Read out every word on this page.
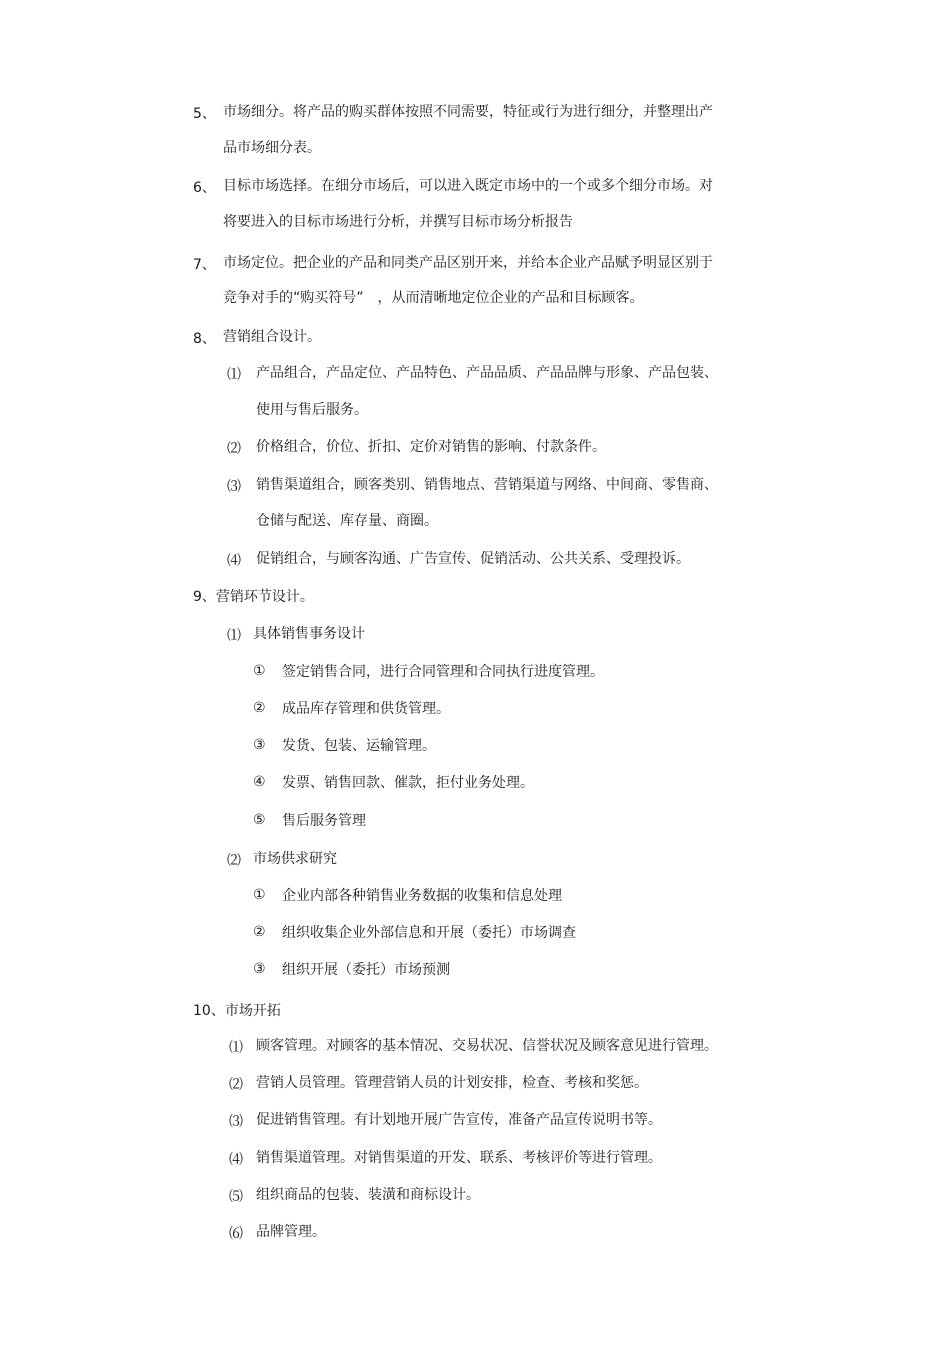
5、 市场细分。将产品的购买群体按照不同需要，特征或行为进行细分，并整理出产
品市场细分表。
6、 目标市场选择。在细分市场后，可以进入既定市场中的一个或多个细分市场。对
将要进入的目标市场进行分析，并撰写目标市场分析报告
7、 市场定位。把企业的产品和同类产品区别开来，并给本企业产品赋予明显区别于
竞争对手的“购买符号”　，从而清晰地定位企业的产品和目标顾客。
8、 营销组合设计。
⑴ 产品组合，产品定位、产品特色、产品品质、产品品牌与形象、产品包装、
使用与售后服务。
⑵ 价格组合，价位、折扣、定价对销售的影响、付款条件。
⑶ 销售渠道组合，顾客类别、销售地点、营销渠道与网络、中间商、零售商、
仓储与配送、库存量、商圈。
⑷ 促销组合，与顾客沟通、广告宣传、促销活动、公共关系、受理投诉。
9、营销环节设计。
⑴ 具体销售事务设计
① 签定销售合同，进行合同管理和合同执行进度管理。
② 成品库存管理和供货管理。
③ 发货、包装、运输管理。
④ 发票、销售回款、催款，拒付业务处理。
⑤ 售后服务管理
⑵ 市场供求研究
① 企业内部各种销售业务数据的收集和信息处理
② 组织收集企业外部信息和开展（委托）市场调查
③ 组织开展（委托）市场预测
10、市场开拓
⑴ 顾客管理。对顾客的基本情况、交易状况、信誉状况及顾客意见进行管理。
⑵ 营销人员管理。管理营销人员的计划安排，检查、考核和奖惩。
⑶ 促进销售管理。有计划地开展广告宣传，准备产品宣传说明书等。
⑷ 销售渠道管理。对销售渠道的开发、联系、考核评价等进行管理。
⑸ 组织商品的包装、装潢和商标设计。
⑹ 品牌管理。
